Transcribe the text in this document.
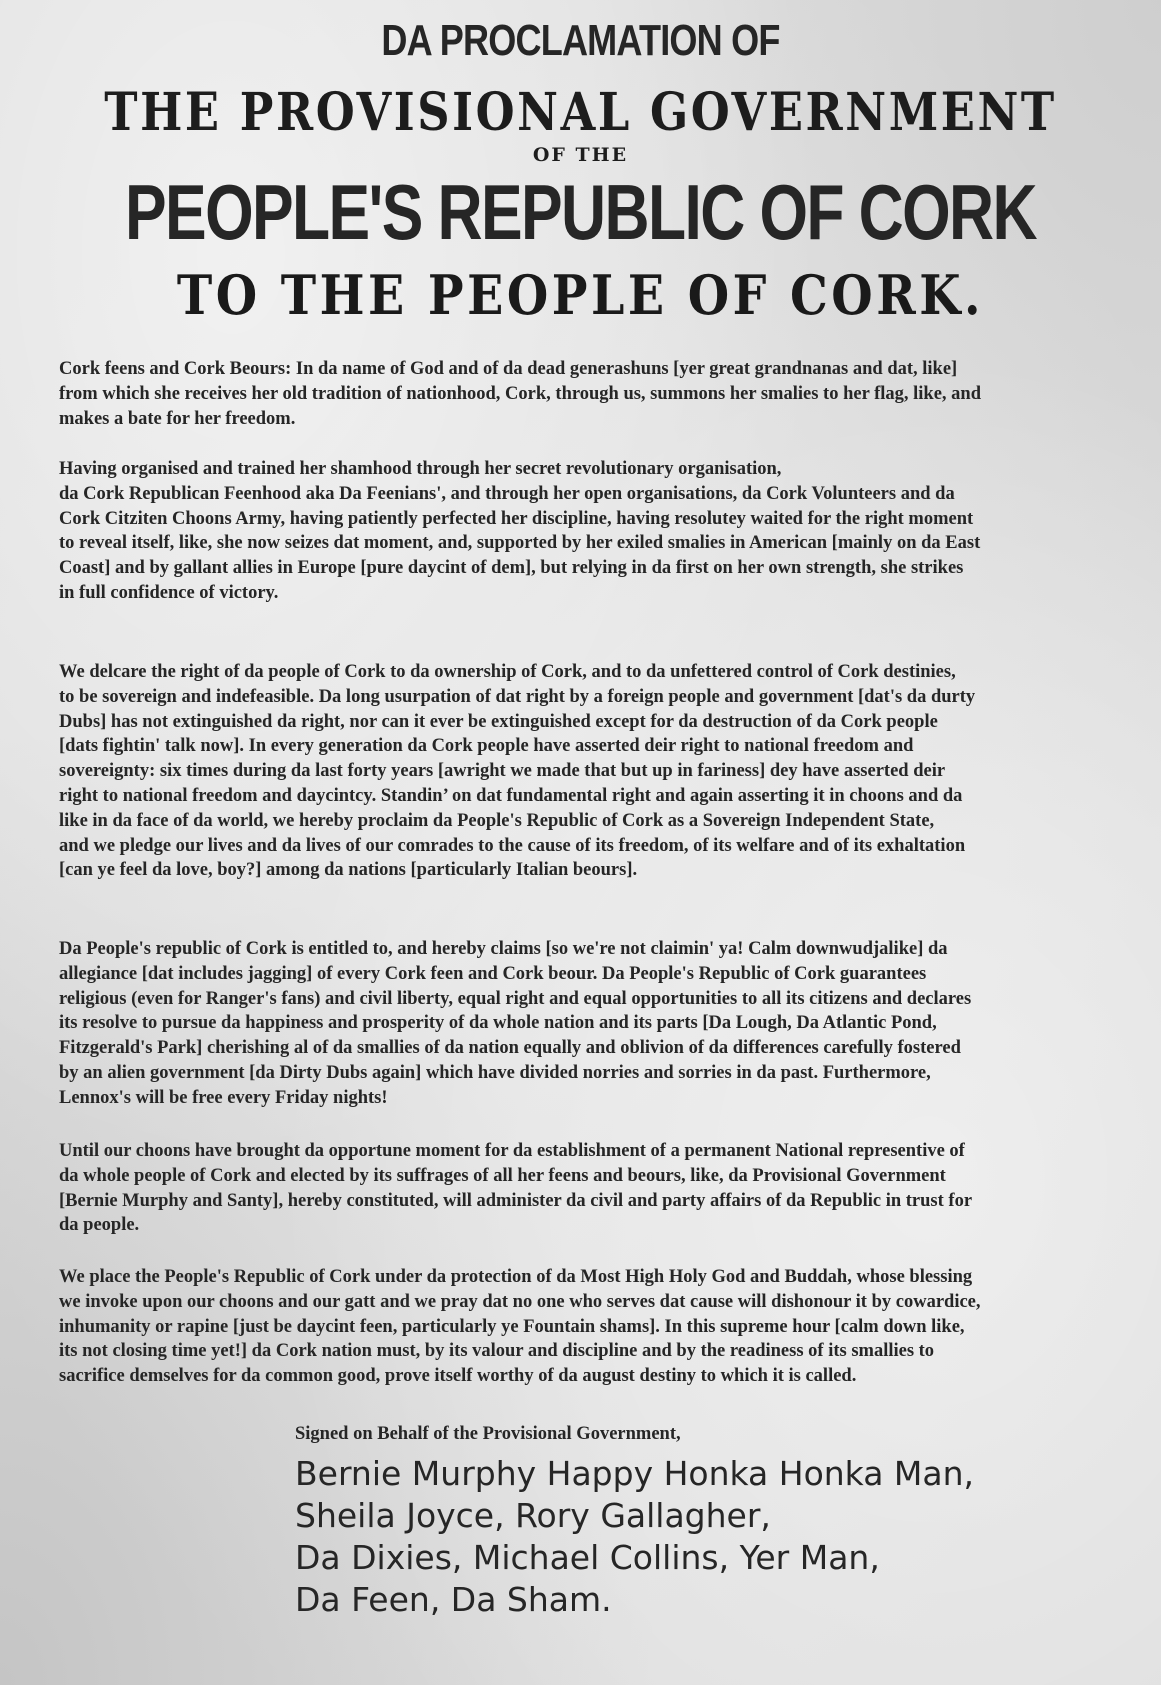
DA PROCLAMATION OF
THE PROVISIONAL GOVERNMENT
OF THE
PEOPLE'S REPUBLIC OF CORK
TO THE PEOPLE OF CORK.

Cork feens and Cork Beours: In da name of God and of da dead generashuns [yer great grandnanas and dat, like]
from which she receives her old tradition of nationhood, Cork, through us, summons her smalies to her flag, like, and
makes a bate for her freedom.

Having organised and trained her shamhood through her secret revolutionary organisation,
da Cork Republican Feenhood aka Da Feenians', and through her open organisations, da Cork Volunteers and da
Cork Citziten Choons Army, having patiently perfected her discipline, having resolutey waited for the right moment
to reveal itself, like, she now seizes dat moment, and, supported by her exiled smalies in American [mainly on da East
Coast] and by gallant allies in Europe [pure daycint of dem], but relying in da first on her own strength, she strikes
in full confidence of victory.

We delcare the right of da people of Cork to da ownership of Cork, and to da unfettered control of Cork destinies,
to be sovereign and indefeasible. Da long usurpation of dat right by a foreign people and government [dat's da durty
Dubs] has not extinguished da right, nor can it ever be extinguished except for da destruction of da Cork people
[dats fightin' talk now]. In every generation da Cork people have asserted deir right to national freedom and
sovereignty: six times during da last forty years [awright we made that but up in fariness] dey have asserted deir
right to national freedom and daycintcy. Standin’ on dat fundamental right and again asserting it in choons and da
like in da face of da world, we hereby proclaim da People's Republic of Cork as a Sovereign Independent State,
and we pledge our lives and da lives of our comrades to the cause of its freedom, of its welfare and of its exhaltation
[can ye feel da love, boy?] among da nations [particularly Italian beours].

Da People's republic of Cork is entitled to, and hereby claims [so we're not claimin' ya! Calm downwudjalike] da
allegiance [dat includes jagging] of every Cork feen and Cork beour. Da People's Republic of Cork guarantees
religious (even for Ranger's fans) and civil liberty, equal right and equal opportunities to all its citizens and declares
its resolve to pursue da happiness and prosperity of da whole nation and its parts [Da Lough, Da Atlantic Pond,
Fitzgerald's Park] cherishing al of da smallies of da nation equally and oblivion of da differences carefully fostered
by an alien government [da Dirty Dubs again] which have divided norries and sorries in da past. Furthermore,
Lennox's will be free every Friday nights!

Until our choons have brought da opportune moment for da establishment of a permanent National representive of
da whole people of Cork and elected by its suffrages of all her feens and beours, like, da Provisional Government
[Bernie Murphy and Santy], hereby constituted, will administer da civil and party affairs of da Republic in trust for
da people.

We place the People's Republic of Cork under da protection of da Most High Holy God and Buddah, whose blessing
we invoke upon our choons and our gatt and we pray dat no one who serves dat cause will dishonour it by cowardice,
inhumanity or rapine [just be daycint feen, particularly ye Fountain shams]. In this supreme hour [calm down like,
its not closing time yet!] da Cork nation must, by its valour and discipline and by the readiness of its smallies to
sacrifice demselves for da common good, prove itself worthy of da august destiny to which it is called.

Signed on Behalf of the Provisional Government,

Bernie Murphy Happy Honka Honka Man,
Sheila Joyce, Rory Gallagher,
Da Dixies, Michael Collins, Yer Man,
Da Feen, Da Sham.
